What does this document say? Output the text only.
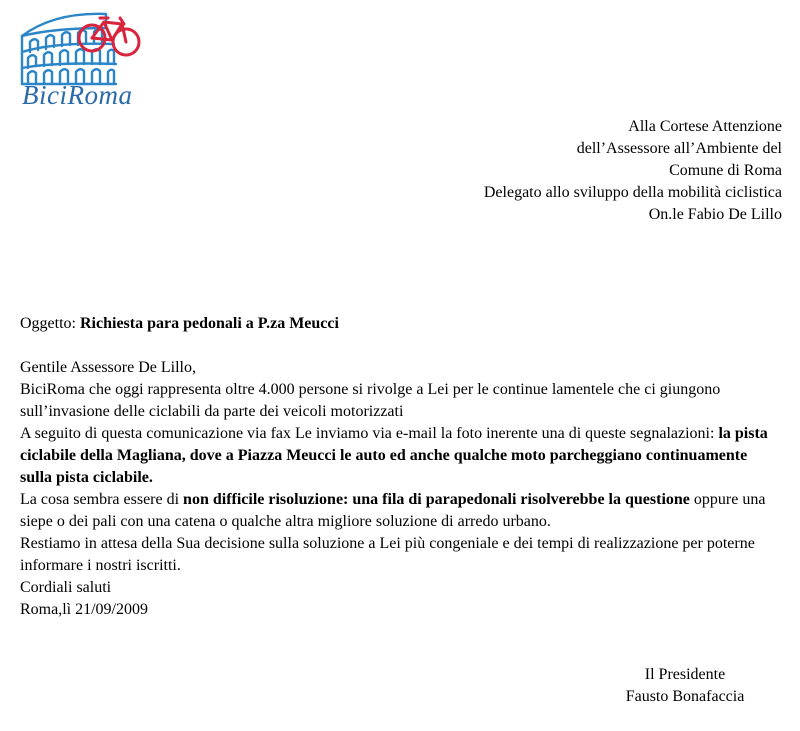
BiciRoma
Alla Cortese Attenzione
dell’Assessore all’Ambiente del
Comune di Roma
Delegato allo sviluppo della mobilità ciclistica
On.le Fabio De Lillo
Oggetto: Richiesta para pedonali a P.za Meucci

Gentile Assessore De Lillo,

BiciRoma che oggi rappresenta oltre 4.000 persone si rivolge a Lei per le continue lamentele che ci giungono sull’invasione delle ciclabili da parte dei veicoli motorizzati

A seguito di questa comunicazione via fax Le inviamo via e-mail la foto inerente una di queste segnalazioni: la pista ciclabile della Magliana, dove a Piazza Meucci le auto ed anche qualche moto parcheggiano continuamente sulla pista ciclabile.

La cosa sembra essere di non difficile risoluzione: una fila di parapedonali risolverebbe la questione oppure una siepe o dei pali con una catena o qualche altra migliore soluzione di arredo urbano.

Restiamo in attesa della Sua decisione sulla soluzione a Lei più congeniale e dei tempi di realizzazione per poterne informare i nostri iscritti.

Cordiali saluti

Roma,lì 21/09/2009

Il Presidente
Fausto Bonafaccia
